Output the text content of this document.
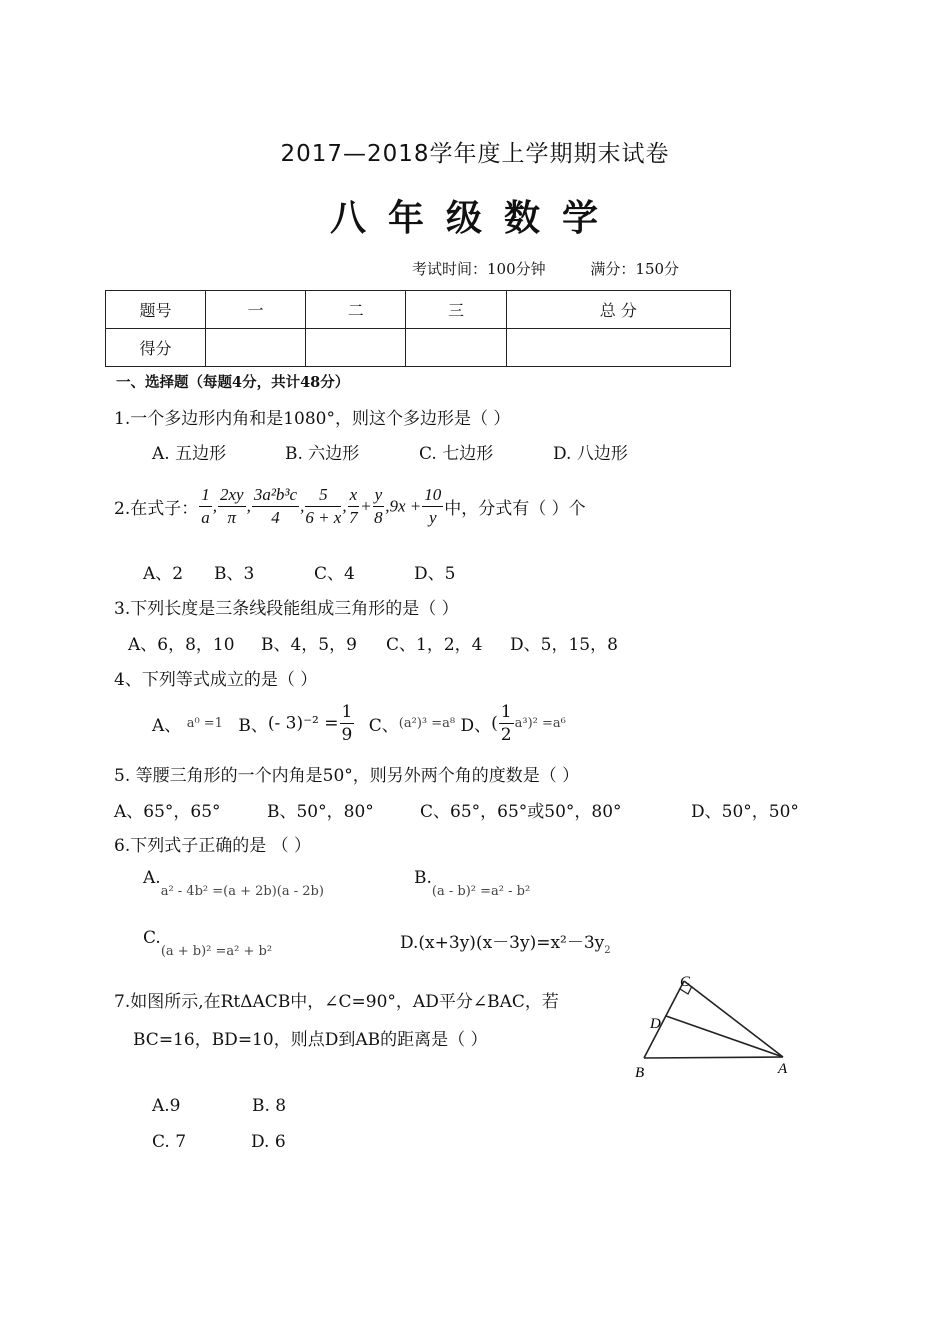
2017—2018学年度上学期期末试卷
八年级数学
考试时间：100分钟	满分：150分
题号	一	二	三	总 分
得分				
一、选择题（每题4分，共计48分）
1.一个多边形内角和是1080°，则这个多边形是（ ）
A. 五边形	B. 六边形	C. 七边形	D. 八边形
2.在式子： $\frac{1}{a}$ , $\frac{2xy}{\pi}$ , $\frac{\text{3a²b³c}}{4}$ , $\frac{5}{6 + x}$ , $\frac{x}{7} + \frac{y}{8} ,9x + \frac{10}{y}$ 中，分式有（ ）个
A、2 B、3	C、4	D、5
3.下列长度是三条线段能组成三角形的是（ ）
A、6，8，10 B、4，5，9 C、1，2，4 D、5，15，8
4、下列等式成立的是（ ）
A、 a⁰ =1 B、(- $3)^{-2} = \frac{1}{9}$ C、(a²)³ =a⁸ D、( $\frac{1}{2} a^3)^2 =a^6$
5. 等腰三角形的一个内角是50°，则另外两个角的度数是（ ）
A、65°，65°	B、50°，80°	C、65°，65°或50°，80°	D、50°，50°
6.下列式子正确的是 （ ）
$A._{a^2 - 4b^2 =(a + 2b)(a - 2b)}$
$B._{(a - b)^2 =a^2 - b^2}$
$C._{(a + b)^2 =a^2 + b^2}$	$D.(x+3y)(x-3y)=x^2-3y_2$
7.如图所示,在RtΔACB中，∠C=90°，AD平分∠BAC，若
BC=16，BD=10，则点D到AB的距离是（ ）
C
D
B	A
A.9	B. 8
C. 7	D. 6
